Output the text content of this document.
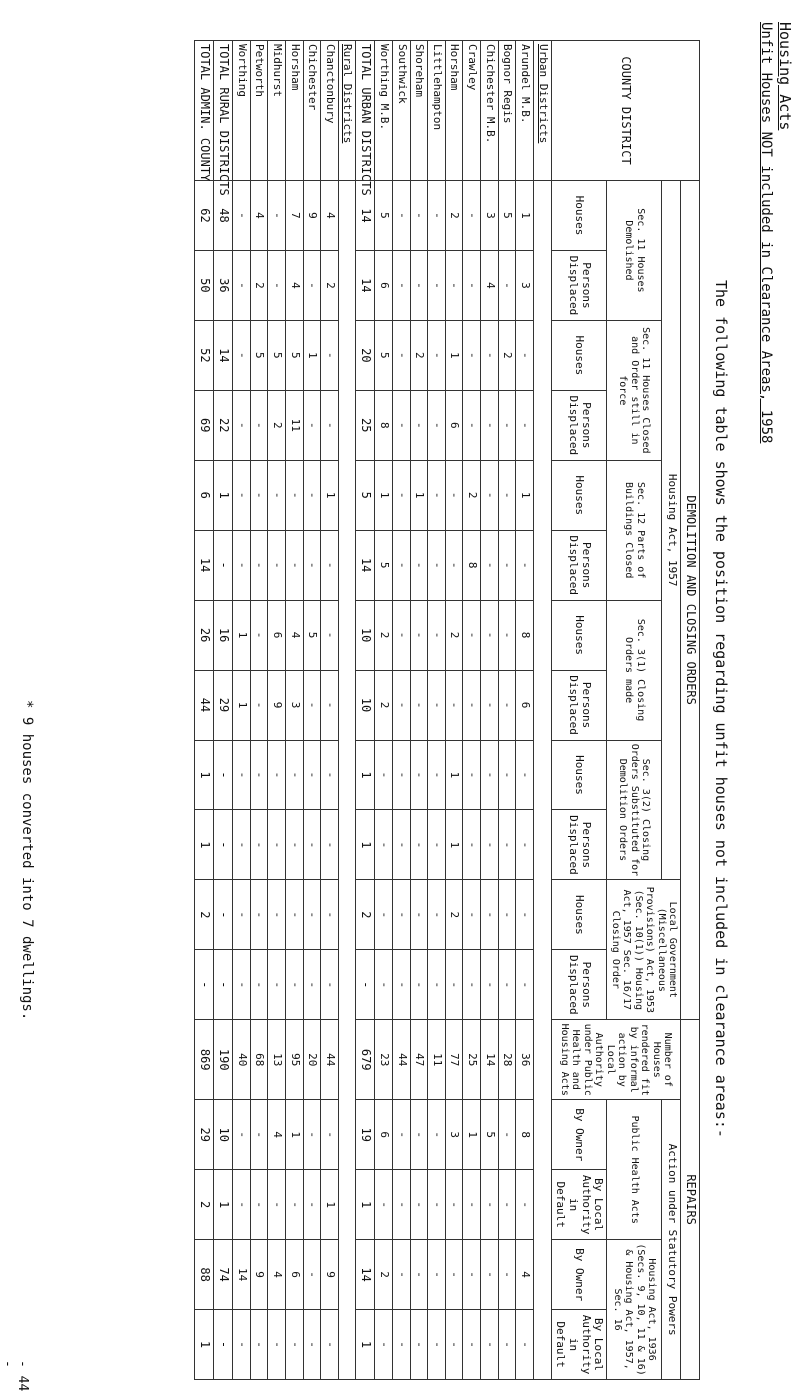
Housing Acts
Unfit Houses NOT included in Clearance Areas, 1958
The following table shows the position regarding unfit houses not included in clearance areas:-
COUNTY DISTRICT	DEMOLITION AND CLOSING ORDERS												REPAIRS				
	Housing Act, 1957										Local Government (Miscellaneous Provisions) Act, 1953 (Sec. 10(1)) Housing Act, 1957 Sec. 16/17 Closing Order		Number of Houses rendered fit by informal action by Local Authority under Public Health and Housing Acts	Action under Statutory Powers			
	Sec. 11 Houses Demolished		Sec. 11 Houses Closed and Order still in force		Sec. 12 Parts of Buildings Closed		Sec. 3(1) Closing Orders made		Sec. 3(2) Closing Orders Substituted for Demolition Orders					Public Health Acts		Housing Act, 1936 (Secs. 9, 10, 11 & 16) & Housing Act, 1957, Sec. 16	
	Houses	Persons Displaced	Houses	Persons Displaced	Houses	Persons Displaced	Houses	Persons Displaced	Houses	Persons Displaced	Houses	Persons Displaced		By Owner	By Local Authority in Default	By Owner	By Local Authority in Default
Urban Districts																	
Arundel M.B.	1	3	-	-	1	-	8	6	-	-	-	-	36	8	-	4	-
Bognor Regis	5	-	2	-	-	-	-	-	-	-	-	-	28	-	-	-	-
Chichester M.B.	3	4	-	-	-	-	-	-	-	-	-	-	14	5	-	-	-
Crawley	-	-	-	-	2	8	-	-	-	-	-	-	25	1	-	-	-
Horsham	2	-	1	6	-	-	2	-	1	1	2	-	77	3	-	-	-
Littlehampton	-	-	-	-	-	-	-	-	-	-	-	-	11	-	-	-	-
Shoreham	-	-	2	-	1	-	-	-	-	-	-	-	47	-	-	-	-
Southwick	-	-	-	-	-	-	-	-	-	-	-	-	44	-	-	-	-
Worthing M.B.	5	6	5	8	1	5	2	2	-	-	-	-	23	6	-	2	-
TOTAL URBAN DISTRICTS	14	14	20	25	5	14	10	10	1	1	2	-	679	19	1	14	1
Rural Districts																	
Chanctonbury	4	2	-	-	1	-	-	-	-	-	-	-	44	-	1	9	-
Chichester	9	-	1	-	-	-	5	-	-	-	-	-	20	-	-	-	-
Horsham	7	4	5	11	-	-	4	3	-	-	-	-	95	1	-	6	-
Midhurst	-	-	5	2	-	-	6	9	-	-	-	-	13	4	-	4	-
Petworth	4	2	5	-	-	-	-	-	-	-	-	-	68	-	-	9	-
Worthing	-	-	-	-	-	-	1	1	-	-	-	-	40	-	-	14	-
TOTAL RURAL DISTRICTS	48	36	14	22	1	-	16	29	-	-	-	-	190	10	1	74	-
TOTAL ADMIN. COUNTY	62	50	52	69	6	14	26	44	1	1	2	-	869	29	2	88	1
* 9 houses converted into 7 dwellings.
- 44 -
